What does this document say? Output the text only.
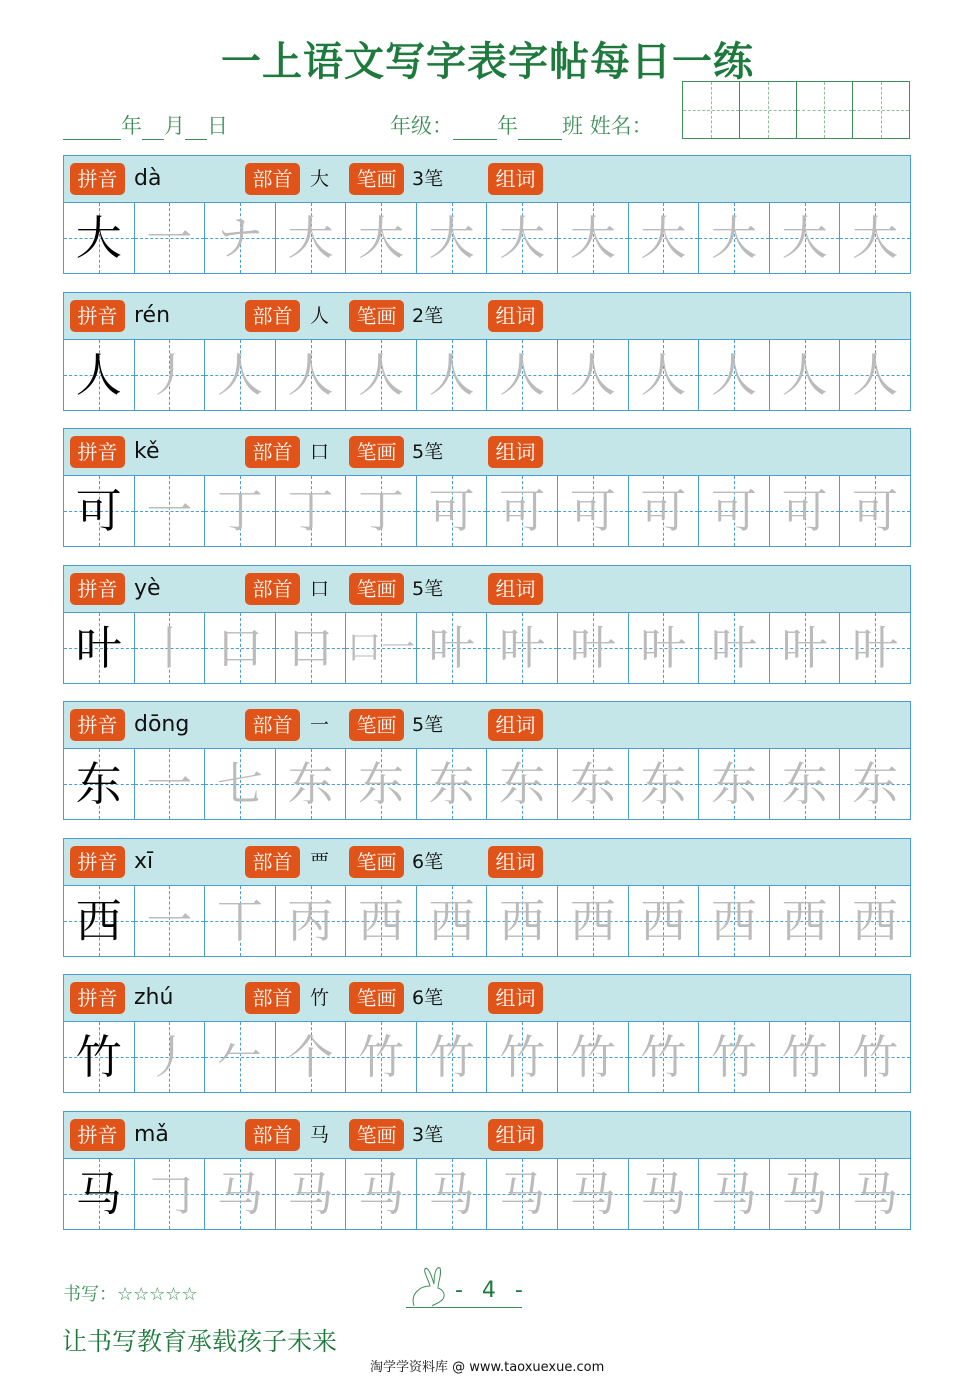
一上语文写字表字帖每日一练
年 月 日	年级： 年 班 姓名：
拼音 dà	部首 大	笔画 3笔	组词
大 一 ナ 大 大 大 大 大 大 大 大 大
拼音 rén	部首 人	笔画 2笔	组词
人 丿 人 人 人 人 人 人 人 人 人 人
拼音 kě	部首 口	笔画 5笔	组词
可 一 丁 丁 丁 可 可 可 可 可 可 可
拼音 yè	部首 口	笔画 5笔	组词
叶 丨 口 口 口一 叶 叶 叶 叶 叶 叶 叶
拼音 dōng	部首 一	笔画 5笔	组词
东 一 七 东 东 东 东 东 东 东 东 东
拼音 xī	部首 覀	笔画 6笔	组词
西 一 丅 丙 西 西 西 西 西 西 西 西
拼音 zhú	部首 竹	笔画 6笔	组词
竹 丿 𠂉 个 竹 竹 竹 竹 竹 竹 竹 竹
拼音 mǎ	部首 马	笔画 3笔	组词
马 𠃌 马 马 马 马 马 马 马 马 马 马
书写：☆☆☆☆☆	- 4 -
让书写教育承载孩子未来
淘学学资料库 @ www.taoxuexue.com
